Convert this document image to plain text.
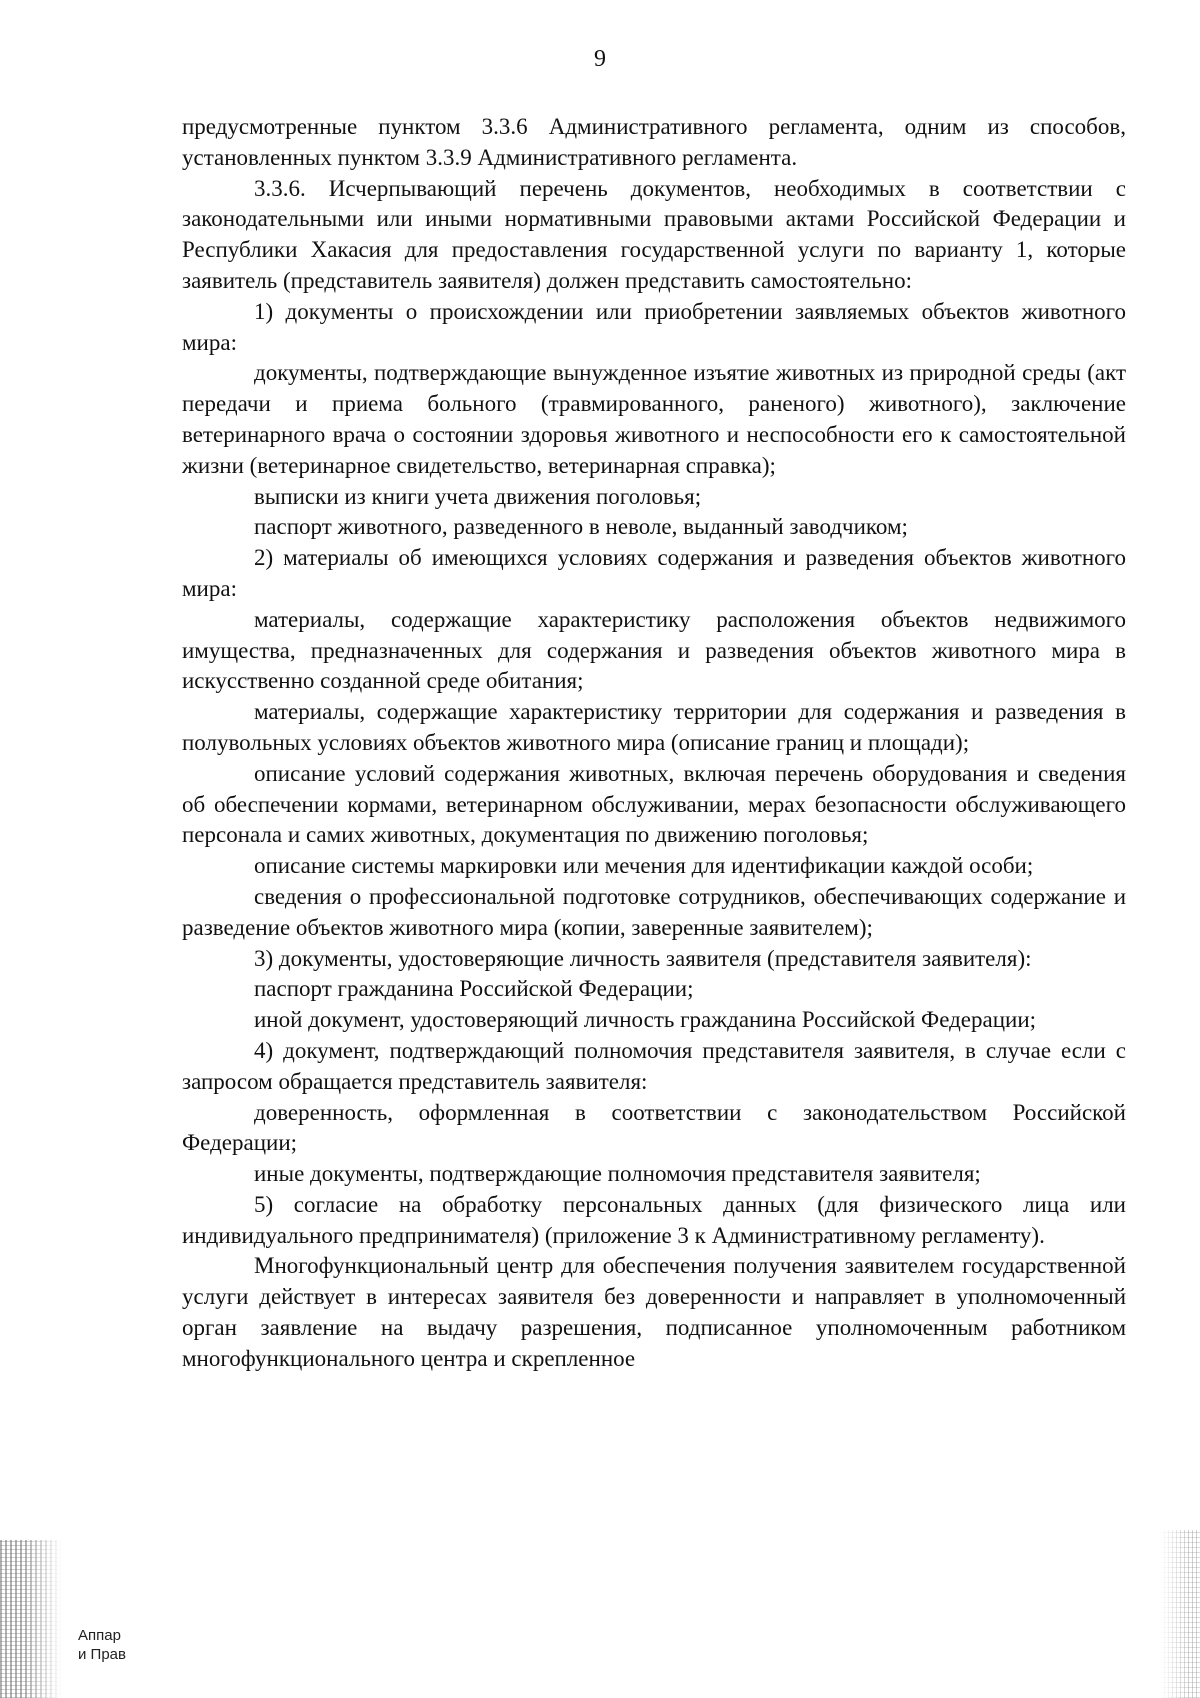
9

предусмотренные пунктом 3.3.6 Административного регламента, одним из способов, установленных пунктом 3.3.9 Административного регламента.

3.3.6. Исчерпывающий перечень документов, необходимых в соответствии с законодательными или иными нормативными правовыми актами Российской Федерации и Республики Хакасия для предоставления государственной услуги по варианту 1, которые заявитель (представитель заявителя) должен представить самостоятельно:

1) документы о происхождении или приобретении заявляемых объектов животного мира:

документы, подтверждающие вынужденное изъятие животных из природной среды (акт передачи и приема больного (травмированного, раненого) животного), заключение ветеринарного врача о состоянии здоровья животного и неспособности его к самостоятельной жизни (ветеринарное свидетельство, ветеринарная справка);

выписки из книги учета движения поголовья;

паспорт животного, разведенного в неволе, выданный заводчиком;

2) материалы об имеющихся условиях содержания и разведения объектов животного мира:

материалы, содержащие характеристику расположения объектов недвижимого имущества, предназначенных для содержания и разведения объектов животного мира в искусственно созданной среде обитания;

материалы, содержащие характеристику территории для содержания и разведения в полувольных условиях объектов животного мира (описание границ и площади);

описание условий содержания животных, включая перечень оборудования и сведения об обеспечении кормами, ветеринарном обслуживании, мерах безопасности обслуживающего персонала и самих животных, документация по движению поголовья;

описание системы маркировки или мечения для идентификации каждой особи;

сведения о профессиональной подготовке сотрудников, обеспечивающих содержание и разведение объектов животного мира (копии, заверенные заявителем);

3) документы, удостоверяющие личность заявителя (представителя заявителя):

паспорт гражданина Российской Федерации;

иной документ, удостоверяющий личность гражданина Российской Федерации;

4) документ, подтверждающий полномочия представителя заявителя, в случае если с запросом обращается представитель заявителя:

доверенность, оформленная в соответствии с законодательством Российской Федерации;

иные документы, подтверждающие полномочия представителя заявителя;

5) согласие на обработку персональных данных (для физического лица или индивидуального предпринимателя) (приложение 3 к Административному регламенту).

Многофункциональный центр для обеспечения получения заявителем государственной услуги действует в интересах заявителя без доверенности и направляет в уполномоченный орган заявление на выдачу разрешения, подписанное уполномоченным работником многофункционального центра и скрепленное

Аппар
и Прав
